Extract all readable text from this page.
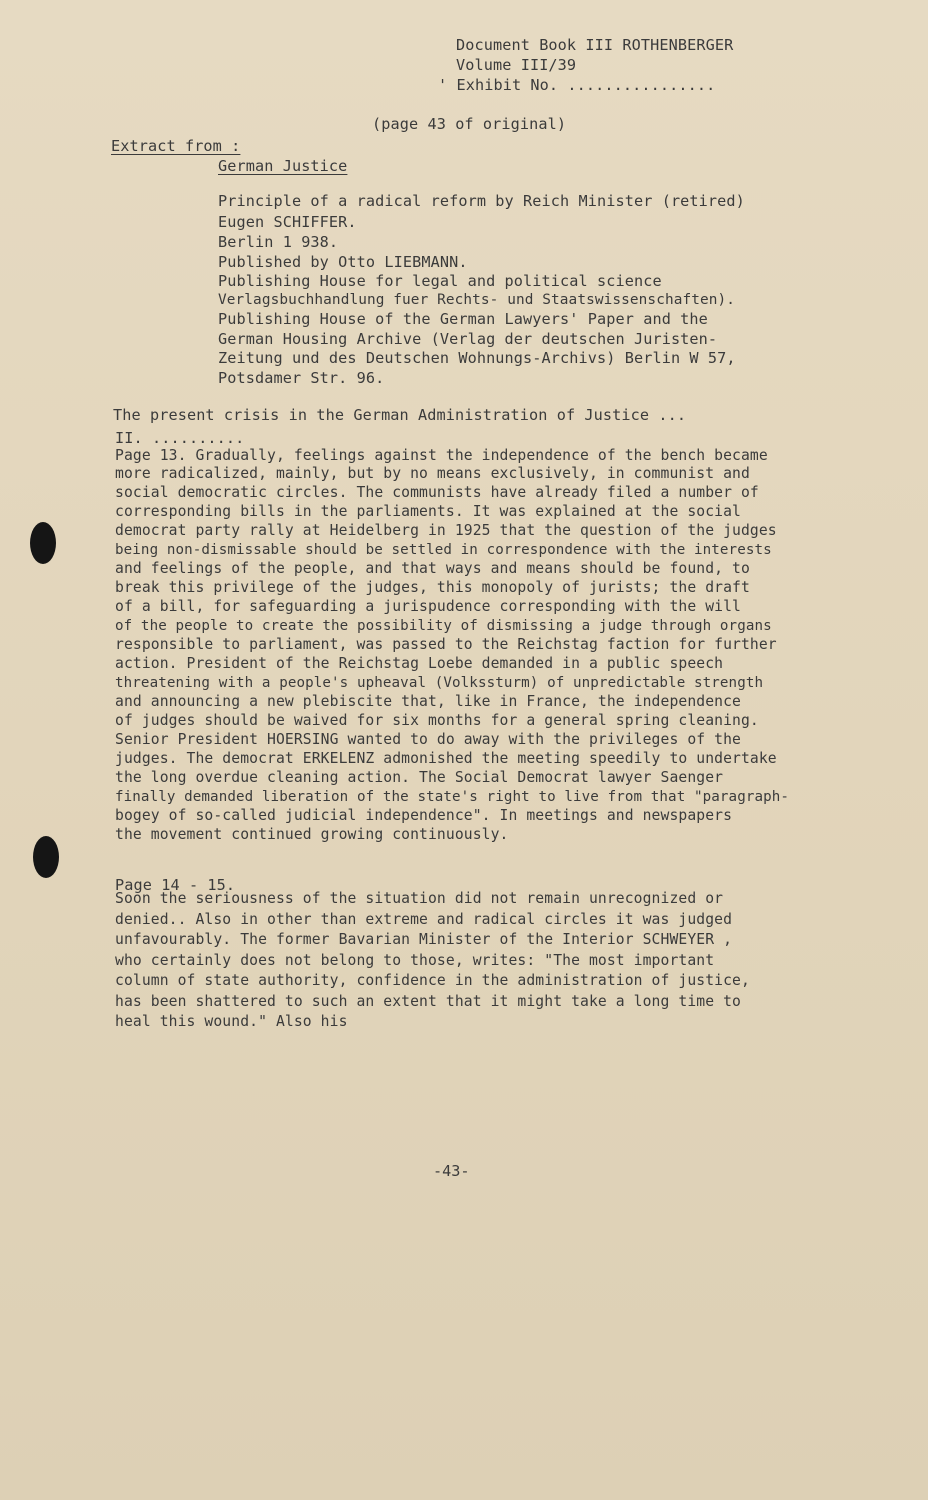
Document Book III ROTHENBERGER
Volume III/39
' Exhibit No. ................
(page 43 of original)
Extract from :
German Justice
Principle of a radical reform by Reich Minister (retired)
Eugen SCHIFFER.
Berlin 1 938.
Published by Otto LIEBMANN.
Publishing House for legal and political science
Verlagsbuchhandlung fuer Rechts- und Staatswissenschaften).
Publishing House of the German Lawyers' Paper and the
German Housing Archive (Verlag der deutschen Juristen-
Zeitung und des Deutschen Wohnungs-Archivs) Berlin W 57,
Potsdamer Str. 96.
The present crisis in the German Administration of Justice ...
II. ..........
Page 13. Gradually, feelings against the independence of the bench became
more radicalized, mainly, but by no means exclusively, in communist and
social democratic circles. The communists have already filed a number of
corresponding bills in the parliaments. It was explained at the social
democrat party rally at Heidelberg in 1925 that the question of the judges
being non-dismissable should be settled in correspondence with the interests
and feelings of the people, and that ways and means should be found, to
break this privilege of the judges, this monopoly of jurists; the draft
of a bill, for safeguarding a jurispudence corresponding with the will
of the people to create the possibility of dismissing a judge through organs
responsible to parliament, was passed to the Reichstag faction for further
action. President of the Reichstag Loebe demanded in a public speech
threatening with a people's upheaval (Volkssturm) of unpredictable strength
and announcing a new plebiscite that, like in France, the independence
of judges should be waived for six months for a general spring cleaning.
Senior President HOERSING wanted to do away with the privileges of the
judges. The democrat ERKELENZ admonished the meeting speedily to undertake
the long overdue cleaning action. The Social Democrat lawyer Saenger
finally demanded liberation of the state's right to live from that "paragraph-
bogey of so-called judicial independence". In meetings and newspapers
the movement continued growing continuously.
Page 14 - 15.
Soon the seriousness of the situation did not remain unrecognized or
denied.. Also in other than extreme and radical circles it was judged
unfavourably. The former Bavarian Minister of the Interior SCHWEYER ,
who certainly does not belong to those, writes: "The most important
column of state authority, confidence in the administration of justice,
has been shattered to such an extent that it might take a long time to
heal this wound." Also his
-43-
